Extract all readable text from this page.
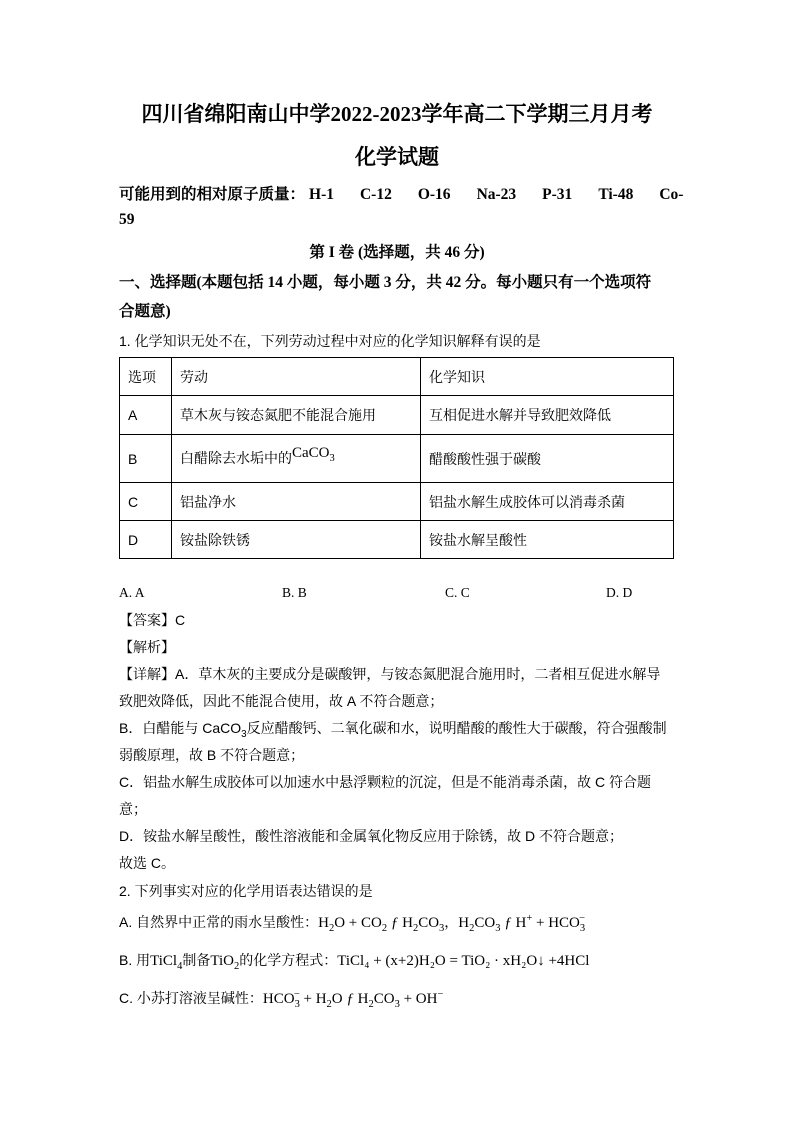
四川省绵阳南山中学2022-2023学年高二下学期三月月考
化学试题
可能用到的相对原子质量： H-1 C-12 O-16 Na-23 P-31 Ti-48 Co-
59
第 I 卷 (选择题，共 46 分)
一、选择题(本题包括 14 小题，每小题 3 分，共 42 分。每小题只有一个选项符
合题意)
1. 化学知识无处不在，下列劳动过程中对应的化学知识解释有误的是
选项	劳动	化学知识
A	草木灰与铵态氮肥不能混合施用	互相促进水解并导致肥效降低
B	白醋除去水垢中的CaCO$_3$	醋酸酸性强于碳酸
C	铝盐净水	铝盐水解生成胶体可以消毒杀菌
D	铵盐除铁锈	铵盐水解呈酸性
A. A	B. B	C. C	D. D
【答案】C
【解析】
【详解】A．草木灰的主要成分是碳酸钾，与铵态氮肥混合施用时，二者相互促进水解导
致肥效降低，因此不能混合使用，故 A 不符合题意；
B．白醋能与 CaCO$_3$反应醋酸钙、二氧化碳和水，说明醋酸的酸性大于碳酸，符合强酸制
弱酸原理，故 B 不符合题意；
C．铝盐水解生成胶体可以加速水中悬浮颗粒的沉淀，但是不能消毒杀菌，故 C 符合题
意；
D．铵盐水解呈酸性，酸性溶液能和金属氧化物反应用于除锈，故 D 不符合题意；
故选 C。
2. 下列事实对应的化学用语表达错误的是
A. 自然界中正常的雨水呈酸性：$H_2O + CO_2$ ƒ $H_2CO_3$，$H_2CO_3$ ƒ $H^+ + HCO_3^-$
B. 用TiCl$_4$制备TiO$_2$的化学方程式：TiCl₄ + (x+2)H₂O = TiO₂ · xH₂O↓ +4HCl
C. 小苏打溶液呈碱性：$HCO_3^- + H_2O$ ƒ $H_2CO_3 + OH^-$
